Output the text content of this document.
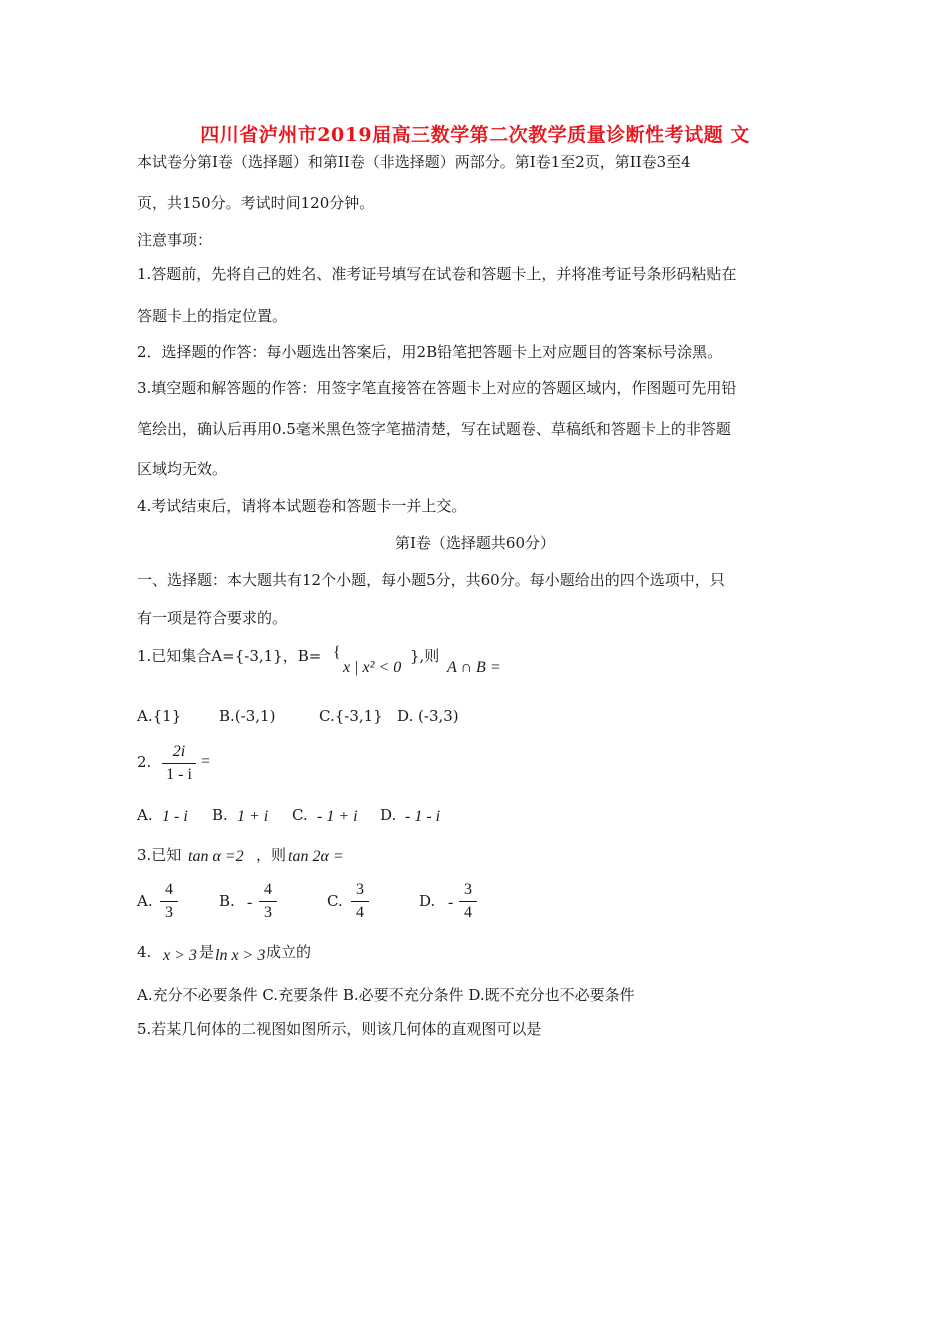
四川省泸州市2019届高三数学第二次教学质量诊断性考试题 文
本试卷分第Ⅰ卷（选择题）和第II卷（非选择题）两部分。第Ⅰ卷1至2页，第II卷3至4
页，共150分。考试时间120分钟。
注意事项：
1.答题前，先将自己的姓名、准考证号填写在试卷和答题卡上，并将准考证号条形码粘贴在
答题卡上的指定位置。
2．选择题的作答：每小题选出答案后，用2B铅笔把答题卡上对应题目的答案标号涂黑。
3.填空题和解答题的作答：用签字笔直接答在答题卡上对应的答题区域内，作图题可先用铅
笔绘出，确认后再用0.5毫米黑色签字笔描清楚，写在试题卷、草稿纸和答题卡上的非答题
区域均无效。
4.考试结束后，请将本试题卷和答题卡一并上交。
第Ⅰ卷（选择题共60分）
一、选择题：本大题共有12个小题，每小题5分，共60分。每小题给出的四个选项中，只
有一项是符合要求的。
1.已知集合A={-3,1}，B= {
x | x² < 0
},则
A ∩ B =
A.{1}	B.(-3,1)	C.{-3,1} D. (-3,3)
2.
2i
1 - i
=
A. 1 - i B. 1 + i C. - 1 + i D. - 1 - i
3.已知 tan α =2 ，则 tan 2α =
A.
4
3
B. -
4
3
C.
3
4
D. -
3
4
4. x > 3 是 ln x > 3 成立的
A.充分不必要条件 C.充要条件 B.必要不充分条件 D.既不充分也不必要条件
5.若某几何体的二视图如图所示，则该几何体的直观图可以是
